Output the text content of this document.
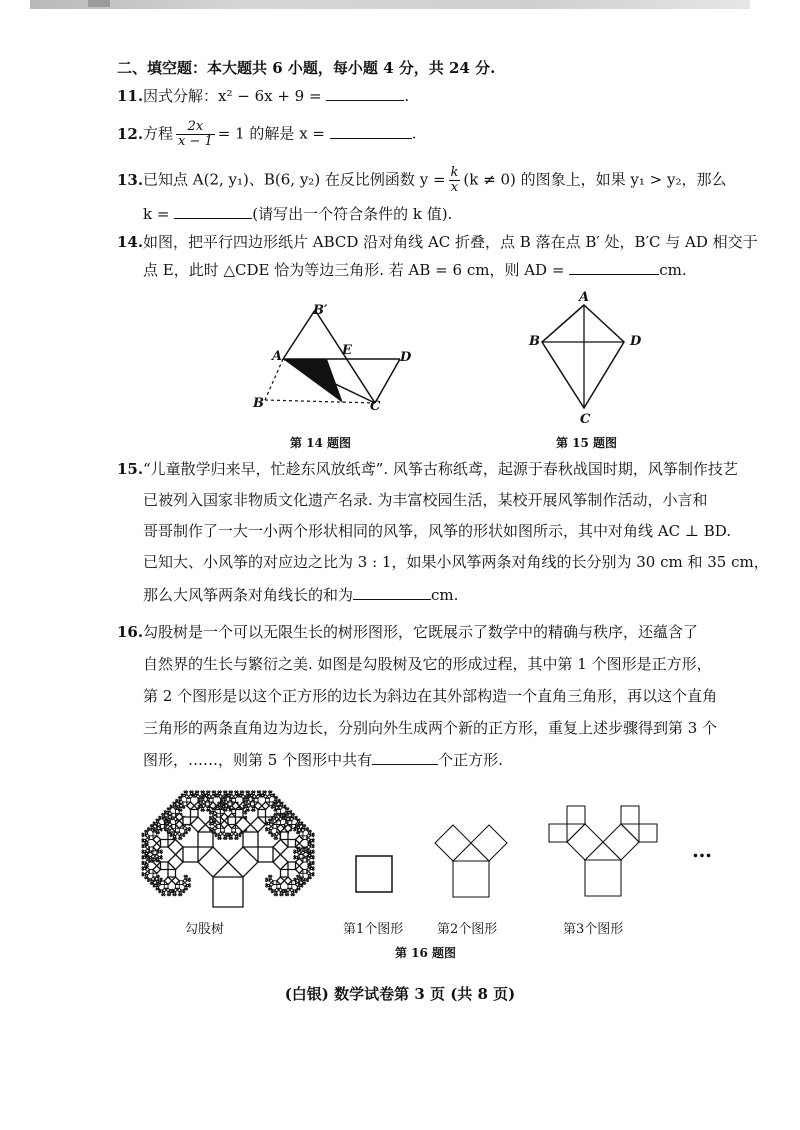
二、填空题：本大题共 6 小题，每小题 4 分，共 24 分.
11.因式分解：x² − 6x + 9 =	.
12.方程 $\frac{2x}{x - 1} = 1$ 的解是 x =	.
13.已知点 A(2, y₁)、B(6, y₂) 在反比例函数 $y = \frac{k}{x} (k \ne 0)$ 的图象上，如果 y₁ > y₂，那么
k =	(请写出一个符合条件的 k 值).
14.如图，把平行四边形纸片 ABCD 沿对角线 AC 折叠，点 B 落在点 B′ 处，B′C 与 AD 相交于
点 E，此时 △CDE 恰为等边三角形. 若 AB = 6 cm，则 AD =	cm.
B′
A	E	D
B	C
第 14 题图
A
B	D
C
第 15 题图
15.“儿童散学归来早，忙趁东风放纸鸢”. 风筝古称纸鸢，起源于春秋战国时期，风筝制作技艺
已被列入国家非物质文化遗产名录. 为丰富校园生活，某校开展风筝制作活动，小言和
哥哥制作了一大一小两个形状相同的风筝，风筝的形状如图所示，其中对角线 AC ⊥ BD.
已知大、小风筝的对应边之比为 3 : 1，如果小风筝两条对角线的长分别为 30 cm 和 35 cm，
那么大风筝两条对角线长的和为	cm.
16.勾股树是一个可以无限生长的树形图形，它既展示了数学中的精确与秩序，还蕴含了
自然界的生长与繁衍之美. 如图是勾股树及它的形成过程，其中第 1 个图形是正方形，
第 2 个图形是以这个正方形的边长为斜边在其外部构造一个直角三角形，再以这个直角
三角形的两条直角边为边长，分别向外生成两个新的正方形，重复上述步骤得到第 3 个
图形，……，则第 5 个图形中共有	个正方形.
…
勾股树	第1个图形	第2个图形	第3个图形
第 16 题图
(白银) 数学试卷第 3 页 (共 8 页)
